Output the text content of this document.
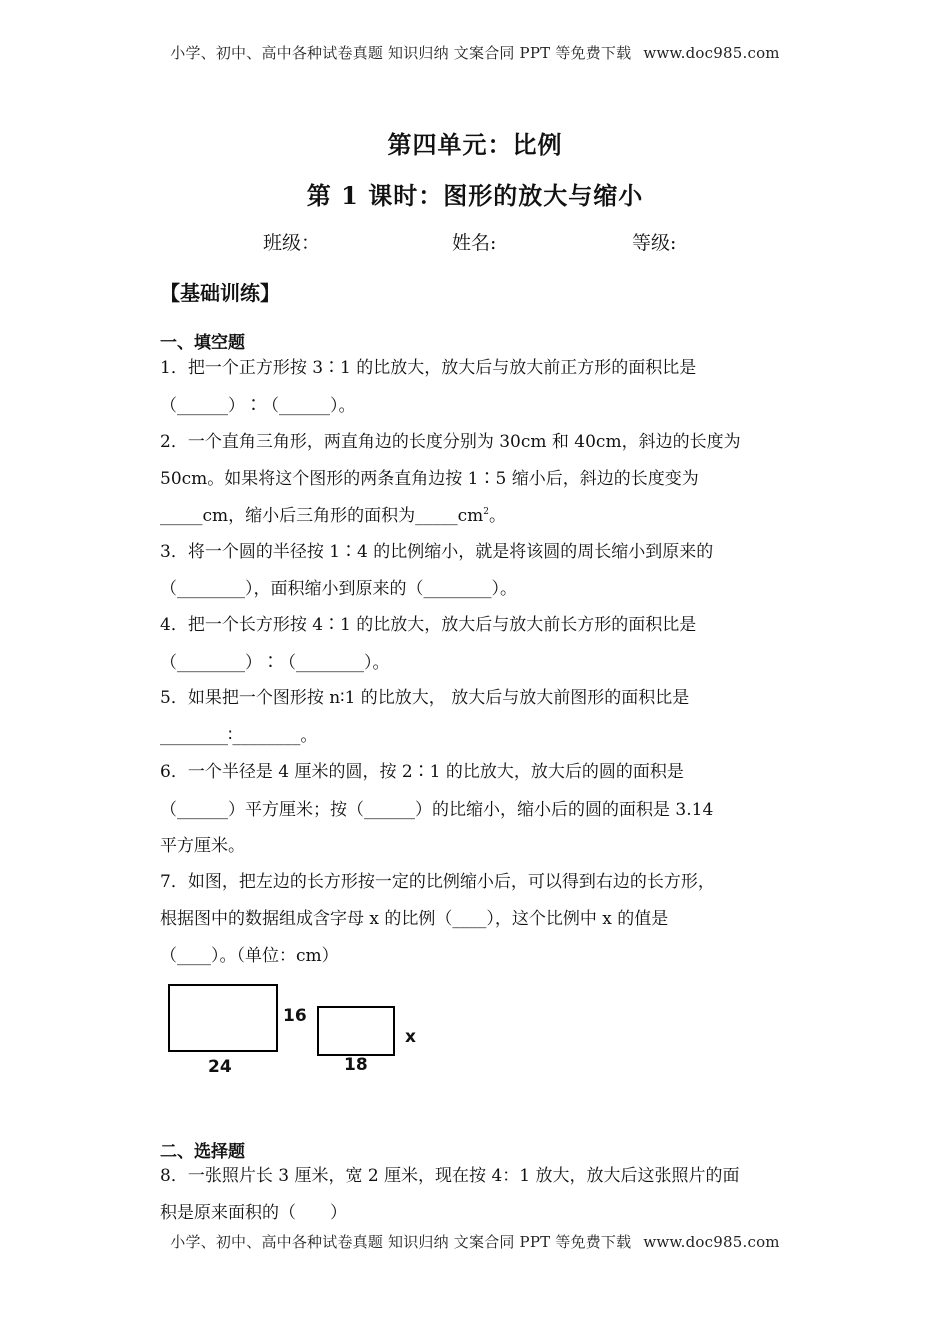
小学、初中、高中各种试卷真题 知识归纳 文案合同 PPT 等免费下载 www.doc985.com
第四单元：比例
第 1 课时：图形的放大与缩小
班级：	姓名:	等级:
【基础训练】
一、填空题
1．把一个正方形按 3∶1 的比放大，放大后与放大前正方形的面积比是
（______）∶（______）。
2．一个直角三角形，两直角边的长度分别为 30cm 和 40cm，斜边的长度为
50cm。如果将这个图形的两条直角边按 1∶5 缩小后，斜边的长度变为
_____cm，缩小后三角形的面积为$\_\_\_\_\_cm^2$。
3．将一个圆的半径按 1∶4 的比例缩小，就是将该圆的周长缩小到原来的
（________），面积缩小到原来的（________）。
4．把一个长方形按 4∶1 的比放大，放大后与放大前长方形的面积比是
（________）∶（________）。
5．如果把一个图形按 n∶1 的比放大， 放大后与放大前图形的面积比是
________∶________。
6．一个半径是 4 厘米的圆，按 2∶1 的比放大，放大后的圆的面积是
（______）平方厘米；按（______）的比缩小，缩小后的圆的面积是 3.14
平方厘米。
7．如图，把左边的长方形按一定的比例缩小后，可以得到右边的长方形，
根据图中的数据组成含字母 x 的比例（____），这个比例中 x 的值是
（____）。（单位：cm）
16
24
x
18
二、选择题
8．一张照片长 3 厘米，宽 2 厘米，现在按 4：1 放大，放大后这张照片的面
积是原来面积的（　　）
小学、初中、高中各种试卷真题 知识归纳 文案合同 PPT 等免费下载 www.doc985.com
